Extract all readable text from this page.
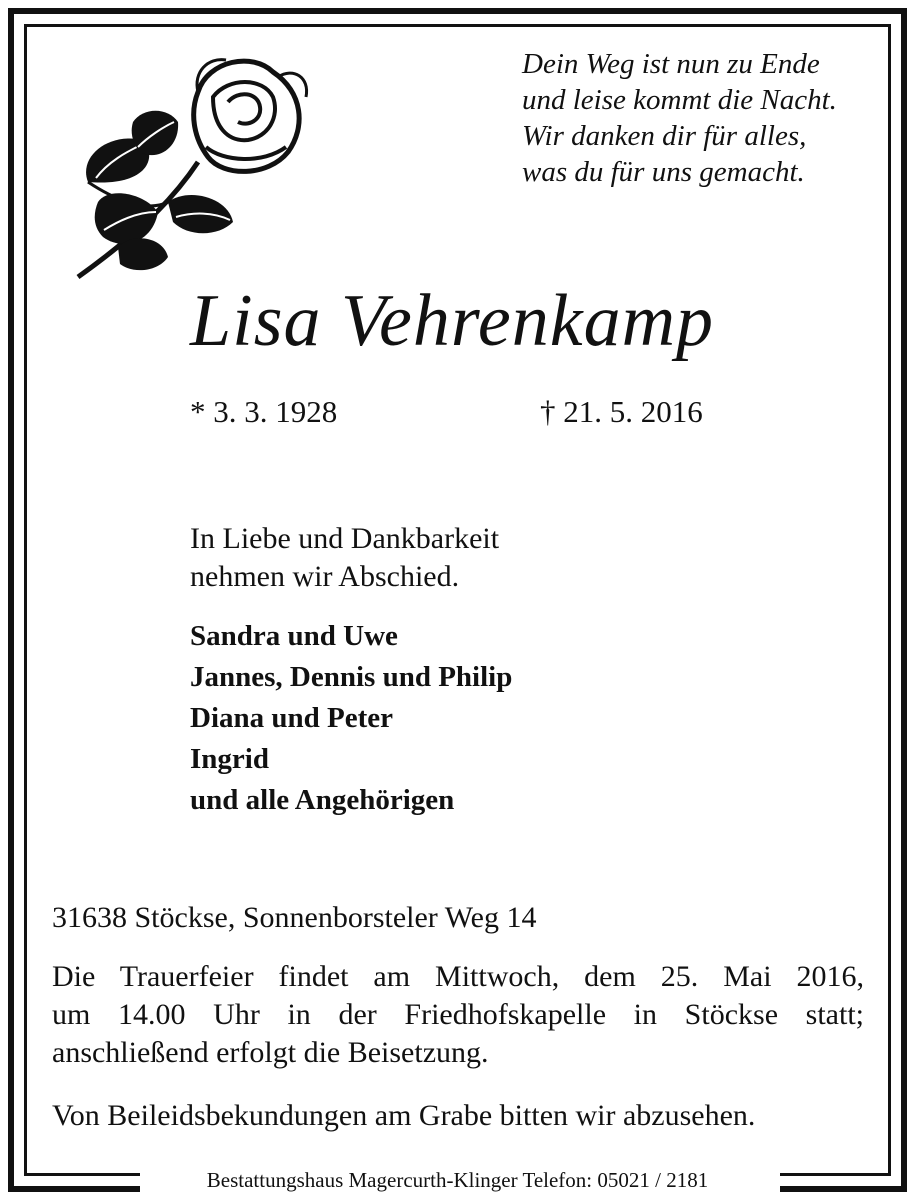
Bestattungshaus Magercurth-Klinger Telefon: 05021 / 2181
Dein Weg ist nun zu Ende
und leise kommt die Nacht.
Wir danken dir für alles,
was du für uns gemacht.
Lisa Vehrenkamp
* 3. 3. 1928	† 21. 5. 2016
In Liebe und Dankbarkeit
nehmen wir Abschied.
Sandra und Uwe
Jannes, Dennis und Philip
Diana und Peter
Ingrid
und alle Angehörigen
31638 Stöckse, Sonnenborsteler Weg 14
Die Trauerfeier findet am Mittwoch, dem 25. Mai 2016,
um 14.00 Uhr in der Friedhofskapelle in Stöckse statt;
anschließend erfolgt die Beisetzung.
Von Beileidsbekundungen am Grabe bitten wir abzusehen.
